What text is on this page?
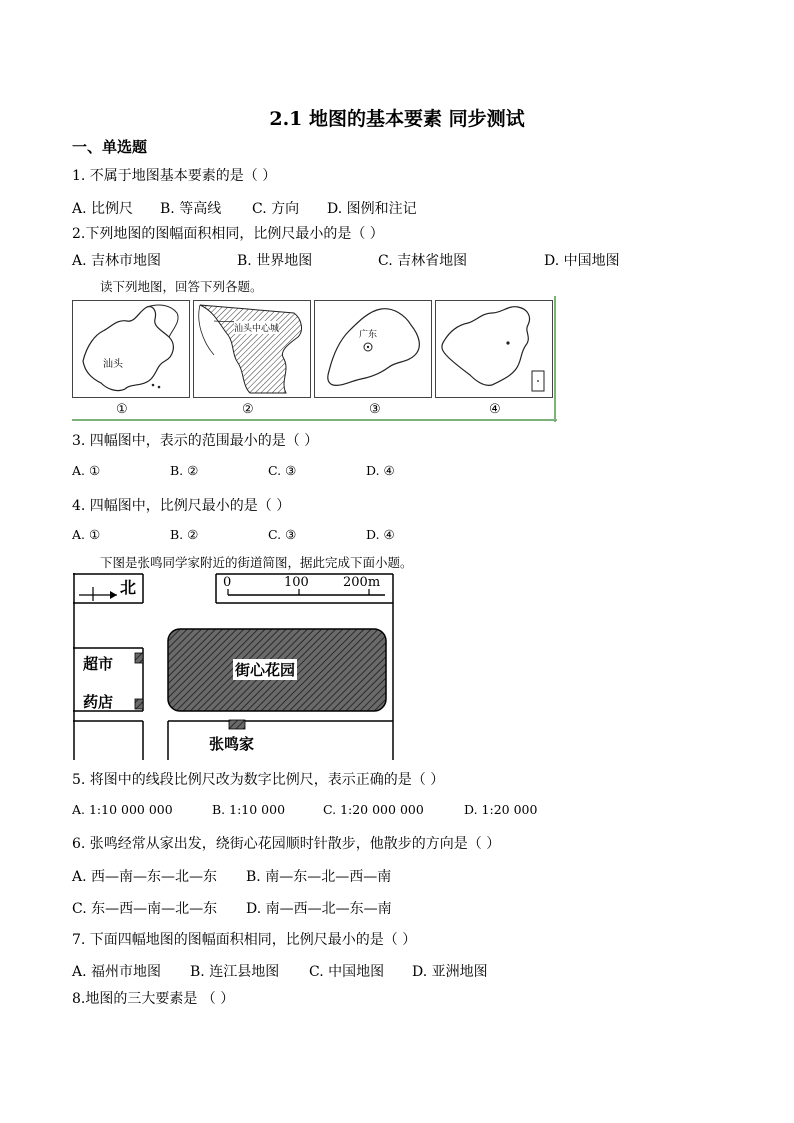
2.1 地图的基本要素 同步测试
一、单选题
1. 不属于地图基本要素的是（ ）
A. 比例尺 B. 等高线 C. 方向 D. 图例和注记
2.下列地图的图幅面积相同，比例尺最小的是（ ）
A. 吉林市地图	B. 世界地图	C. 吉林省地图	D. 中国地图
读下列地图，回答下列各题。
汕头
汕头中心城
广东
①	②	③	④
3. 四幅图中，表示的范围最小的是（ ）
A. ①	B. ②	C. ③	D. ④
4. 四幅图中，比例尺最小的是（ ）
A. ①	B. ②	C. ③	D. ④
下图是张鸣同学家附近的街道简图，据此完成下面小题。
北	0	100	200m
街心花园
超市
药店
张鸣家
5. 将图中的线段比例尺改为数字比例尺，表示正确的是（ ）
A. 1:10 000 000	B. 1:10 000	C. 1:20 000 000	D. 1:20 000
6. 张鸣经常从家出发，绕街心花园顺时针散步，他散步的方向是（ ）
A. 西—南—东—北—东 B. 南—东—北—西—南
C. 东—西—南—北—东 D. 南—西—北—东—南
7. 下面四幅地图的图幅面积相同，比例尺最小的是（ ）
A. 福州市地图 B. 连江县地图 C. 中国地图 D. 亚洲地图
8.地图的三大要素是 （ ）
